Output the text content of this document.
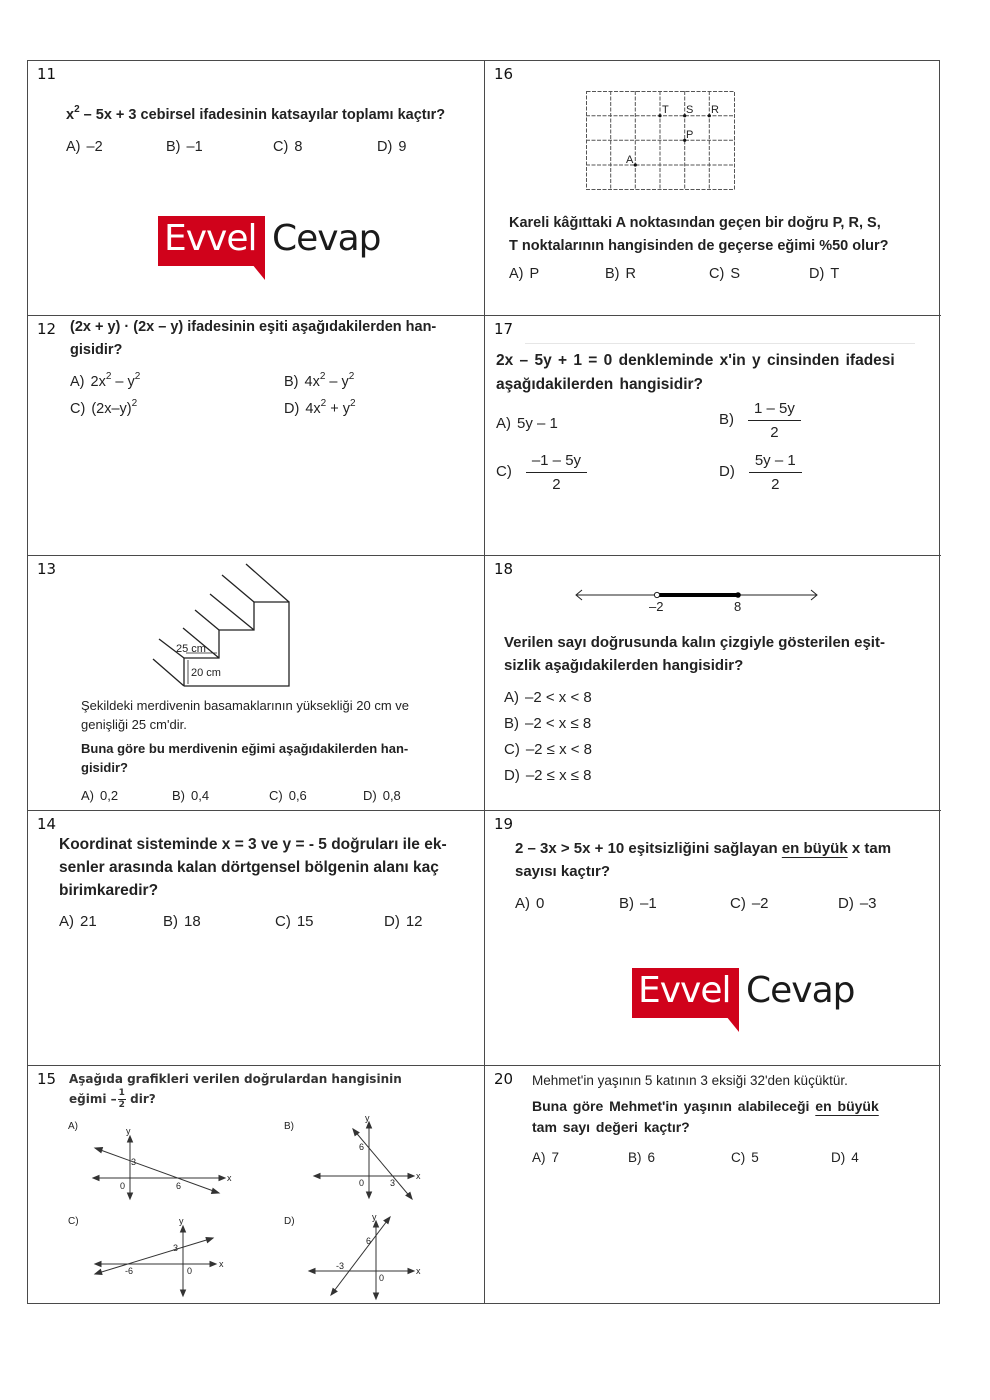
11
$x^2 - 5x + 3$ cebirsel ifadesinin katsayılar toplamı kaçtır?
A) –2	B) –1	C) 8	D) 9
Evvel Cevap
16
T S R
P
A
Kareli kâğıttaki A noktasından geçen bir doğru P, R, S,
T noktalarının hangisinden de geçerse eğimi %50 olur?
A) P	B) R	C) S	D) T
12 (2x + y) · (2x – y) ifadesinin eşiti aşağıdakilerden han-
gisidir?
A) $2x^2 - y^2$	B) $4x^2 - y^2$
C) $(2x-y)^2$	D) $4x^2 + y^2$
17
2x – 5y + 1 = 0 denkleminde x'in y cinsinden ifadesi
aşağıdakilerden hangisidir?
A) 5y – 1	$B) \frac{1 - 5y}{2}$
$C) \frac{-1 - 5y}{2}$	$D) \frac{5y - 1}{2}$
13
25 cm
20 cm
Şekildeki merdivenin basamaklarının yüksekliği 20 cm ve
genişliği 25 cm'dir.
Buna göre bu merdivenin eğimi aşağıdakilerden han-
gisidir?
A) 0,2	B) 0,4	C) 0,6	D) 0,8
18
–2	8
Verilen sayı doğrusunda kalın çizgiyle gösterilen eşit-
sizlik aşağıdakilerden hangisidir?
A) –2 < x < 8
B) –2 < x ≤ 8
C) –2 ≤ x < 8
D) –2 ≤ x ≤ 8
14
Koordinat sisteminde x = 3 ve y = - 5 doğruları ile ek-
senler arasında kalan dörtgensel bölgenin alanı kaç
birimkaredir?
A) 21	B) 18	C) 15	D) 12
19
2 – 3x > 5x + 10 eşitsizliğini sağlayan en büyük x tam
sayısı kaçtır?
A) 0	B) –1	C) –2	D) –3
Evvel Cevap
15 Aşağıda grafikleri verilen doğrulardan hangisinin
eğimi – $\frac{1}{2}$ dir?
A)	y
x
3
0	6
B)
y
x
6
0	3
C)	y
x
3
0
-6
D)	y
x
6
0
-3
20 Mehmet'in yaşının 5 katının 3 eksiği 32'den küçüktür.
Buna göre Mehmet'in yaşının alabileceği en büyük
tam sayı değeri kaçtır?
A) 7	B) 6	C) 5	D) 4
